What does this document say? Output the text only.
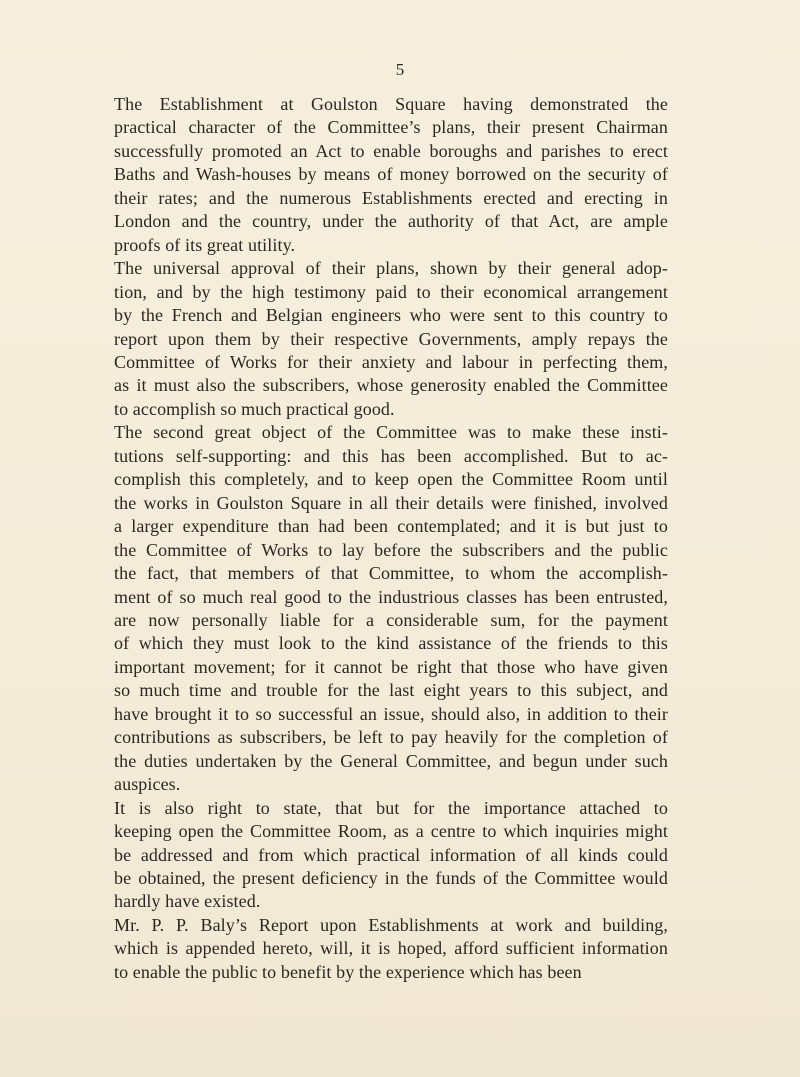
5

The Establishment at Goulston Square having demonstrated the
practical character of the Committee’s plans, their present Chairman
successfully promoted an Act to enable boroughs and parishes to erect
Baths and Wash-houses by means of money borrowed on the security of
their rates; and the numerous Establishments erected and erecting in
London and the country, under the authority of that Act, are ample
proofs of its great utility.

The universal approval of their plans, shown by their general adop-
tion, and by the high testimony paid to their economical arrangement
by the French and Belgian engineers who were sent to this country to
report upon them by their respective Governments, amply repays the
Committee of Works for their anxiety and labour in perfecting them,
as it must also the subscribers, whose generosity enabled the Committee
to accomplish so much practical good.

The second great object of the Committee was to make these insti-
tutions self-supporting: and this has been accomplished. But to ac-
complish this completely, and to keep open the Committee Room until
the works in Goulston Square in all their details were finished, involved
a larger expenditure than had been contemplated; and it is but just to
the Committee of Works to lay before the subscribers and the public
the fact, that members of that Committee, to whom the accomplish-
ment of so much real good to the industrious classes has been entrusted,
are now personally liable for a considerable sum, for the payment
of which they must look to the kind assistance of the friends to this
important movement; for it cannot be right that those who have given
so much time and trouble for the last eight years to this subject, and
have brought it to so successful an issue, should also, in addition to their
contributions as subscribers, be left to pay heavily for the completion of
the duties undertaken by the General Committee, and begun under such
auspices.

It is also right to state, that but for the importance attached to
keeping open the Committee Room, as a centre to which inquiries might
be addressed and from which practical information of all kinds could
be obtained, the present deficiency in the funds of the Committee would
hardly have existed.

Mr. P. P. Baly’s Report upon Establishments at work and building,
which is appended hereto, will, it is hoped, afford sufficient information
to enable the public to benefit by the experience which has been
